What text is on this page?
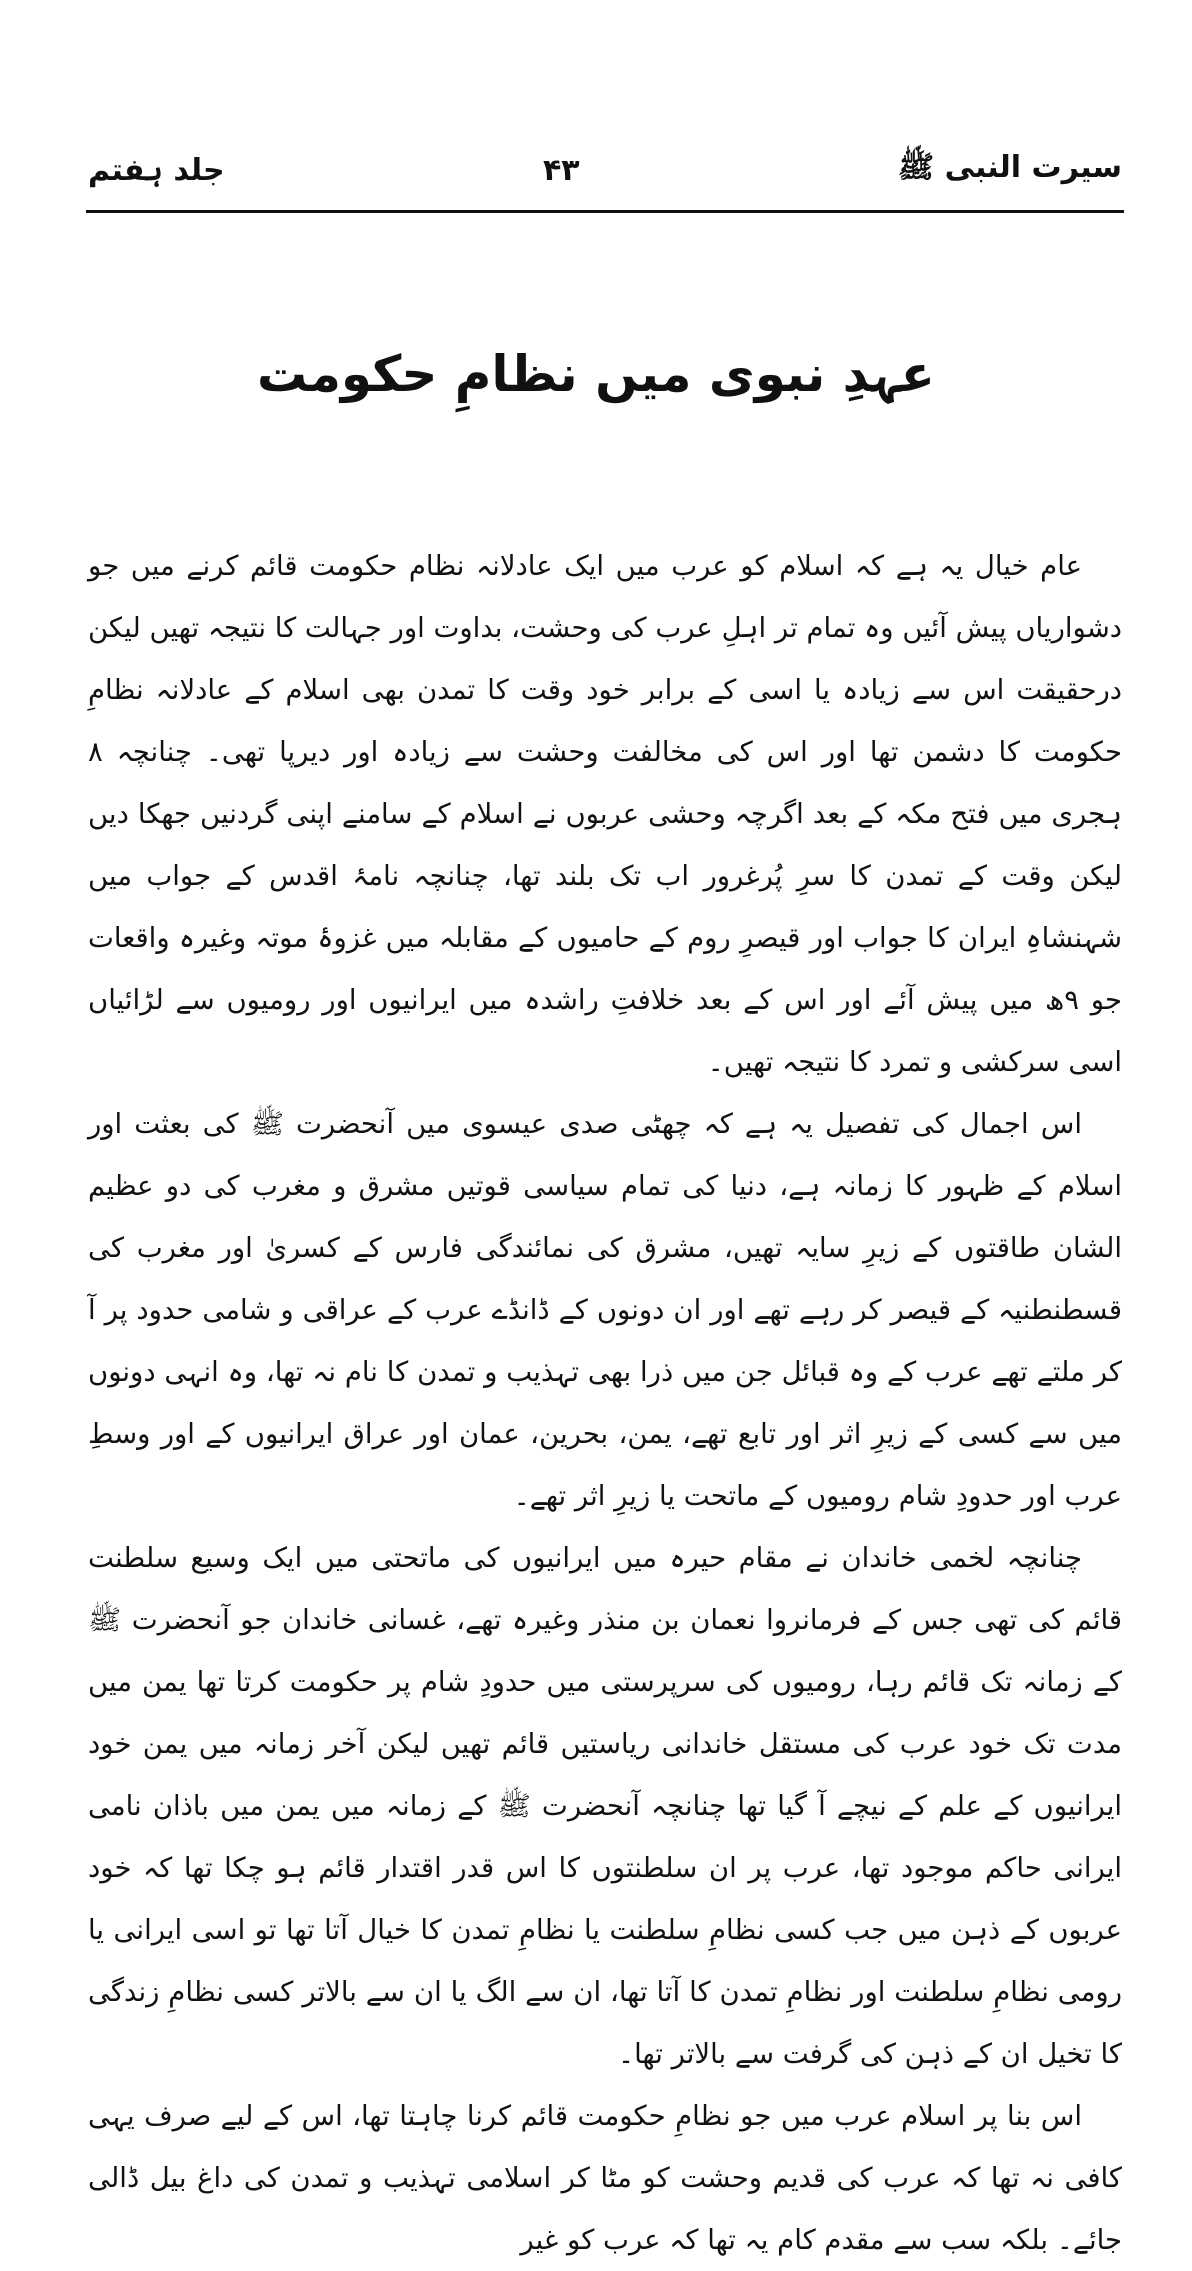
سیرت النبی ﷺ
۴۳
جلد ہفتم
عہدِ نبوی میں نظامِ حکومت

عام خیال یہ ہے کہ اسلام کو عرب میں ایک عادلانہ نظام حکومت قائم کرنے میں جو دشواریاں پیش آئیں وہ تمام تر اہلِ عرب کی وحشت، بداوت اور جہالت کا نتیجہ تھیں لیکن درحقیقت اس سے زیادہ یا اسی کے برابر خود وقت کا تمدن بھی اسلام کے عادلانہ نظامِ حکومت کا دشمن تھا اور اس کی مخالفت وحشت سے زیادہ اور دیرپا تھی۔ چنانچہ ۸ ہجری میں فتح مکہ کے بعد اگرچہ وحشی عربوں نے اسلام کے سامنے اپنی گردنیں جھکا دیں لیکن وقت کے تمدن کا سرِ پُرغرور اب تک بلند تھا، چنانچہ نامۂ اقدس کے جواب میں شہنشاہِ ایران کا جواب اور قیصرِ روم کے حامیوں کے مقابلہ میں غزوۂ موتہ وغیرہ واقعات جو ۹ھ میں پیش آئے اور اس کے بعد خلافتِ راشدہ میں ایرانیوں اور رومیوں سے لڑائیاں اسی سرکشی و تمرد کا نتیجہ تھیں۔

اس اجمال کی تفصیل یہ ہے کہ چھٹی صدی عیسوی میں آنحضرت ﷺ کی بعثت اور اسلام کے ظہور کا زمانہ ہے، دنیا کی تمام سیاسی قوتیں مشرق و مغرب کی دو عظیم الشان طاقتوں کے زیرِ سایہ تھیں، مشرق کی نمائندگی فارس کے کسریٰ اور مغرب کی قسطنطنیہ کے قیصر کر رہے تھے اور ان دونوں کے ڈانڈے عرب کے عراقی و شامی حدود پر آ کر ملتے تھے عرب کے وہ قبائل جن میں ذرا بھی تہذیب و تمدن کا نام نہ تھا، وہ انہی دونوں میں سے کسی کے زیرِ اثر اور تابع تھے، یمن، بحرین، عمان اور عراق ایرانیوں کے اور وسطِ عرب اور حدودِ شام رومیوں کے ماتحت یا زیرِ اثر تھے۔

چنانچہ لخمی خاندان نے مقام حیرہ میں ایرانیوں کی ماتحتی میں ایک وسیع سلطنت قائم کی تھی جس کے فرمانروا نعمان بن منذر وغیرہ تھے، غسانی خاندان جو آنحضرت ﷺ کے زمانہ تک قائم رہا، رومیوں کی سرپرستی میں حدودِ شام پر حکومت کرتا تھا یمن میں مدت تک خود عرب کی مستقل خاندانی ریاستیں قائم تھیں لیکن آخر زمانہ میں یمن خود ایرانیوں کے علم کے نیچے آ گیا تھا چنانچہ آنحضرت ﷺ کے زمانہ میں یمن میں باذان نامی ایرانی حاکم موجود تھا، عرب پر ان سلطنتوں کا اس قدر اقتدار قائم ہو چکا تھا کہ خود عربوں کے ذہن میں جب کسی نظامِ سلطنت یا نظامِ تمدن کا خیال آتا تھا تو اسی ایرانی یا رومی نظامِ سلطنت اور نظامِ تمدن کا آتا تھا، ان سے الگ یا ان سے بالاتر کسی نظامِ زندگی کا تخیل ان کے ذہن کی گرفت سے بالاتر تھا۔

اس بنا پر اسلام عرب میں جو نظامِ حکومت قائم کرنا چاہتا تھا، اس کے لیے صرف یہی کافی نہ تھا کہ عرب کی قدیم وحشت کو مٹا کر اسلامی تہذیب و تمدن کی داغ بیل ڈالی جائے۔ بلکہ سب سے مقدم کام یہ تھا کہ عرب کو غیر
